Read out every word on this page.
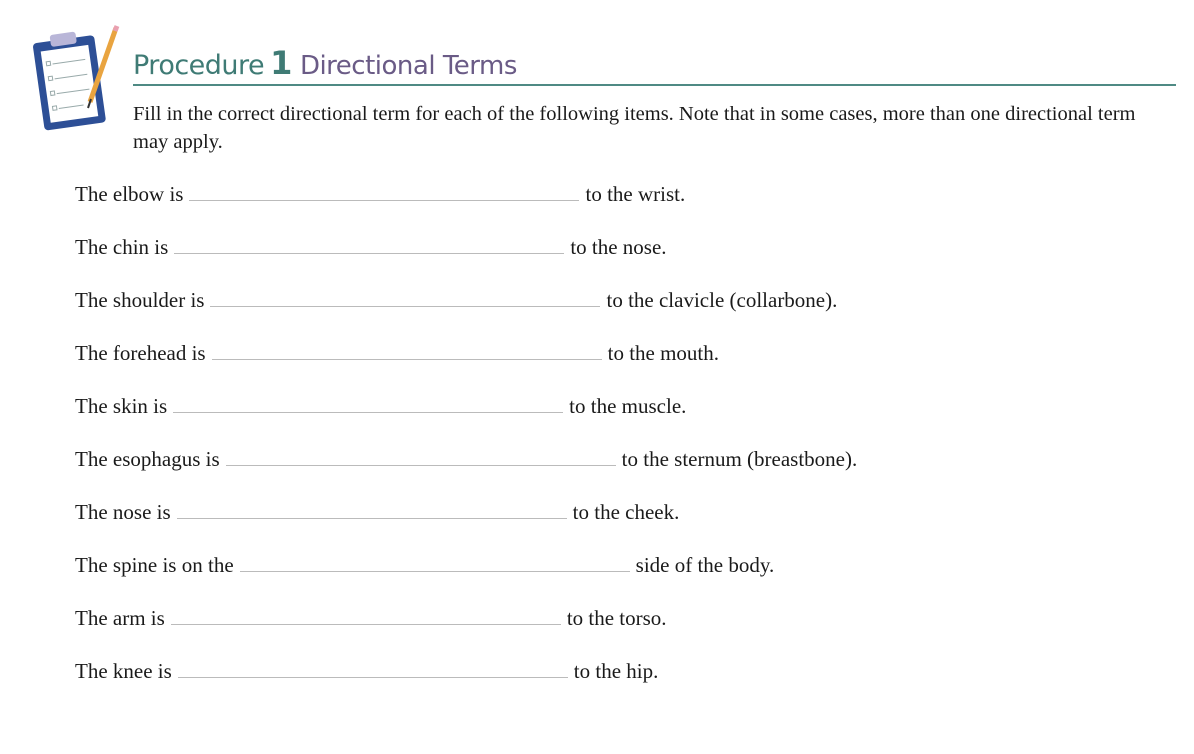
Procedure 1 Directional Terms
Fill in the correct directional term for each of the following items. Note that in some cases, more than one directional term may apply.
The elbow is	to the wrist.
The chin is	to the nose.
The shoulder is	to the clavicle (collarbone).
The forehead is	to the mouth.
The skin is	to the muscle.
The esophagus is	to the sternum (breastbone).
The nose is	to the cheek.
The spine is on the	side of the body.
The arm is	to the torso.
The knee is	to the hip.
